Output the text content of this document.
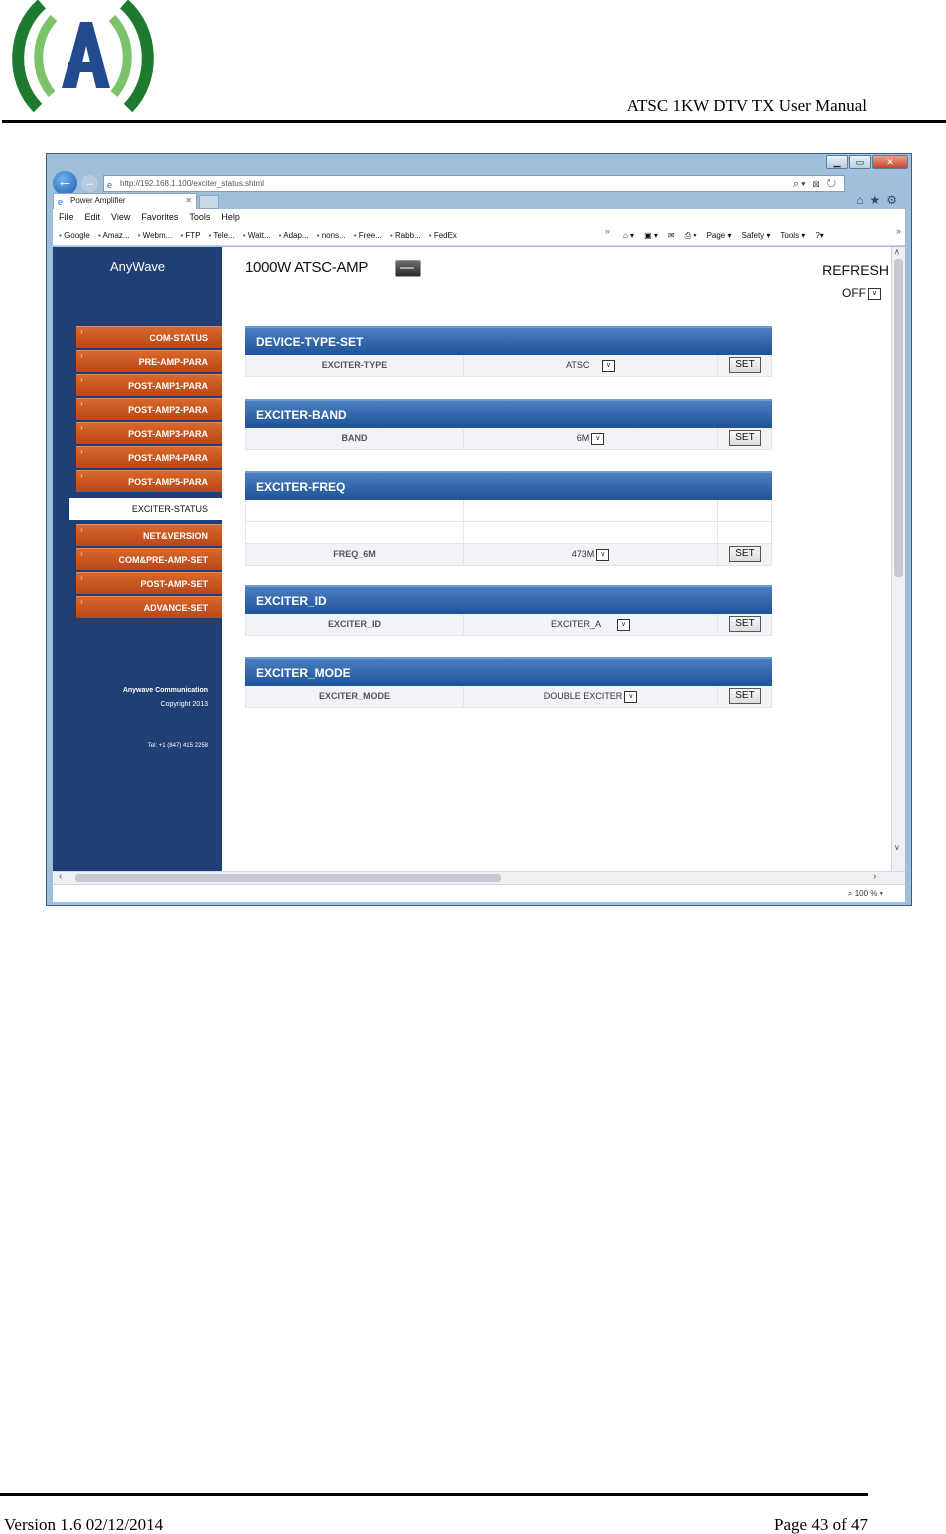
ATSC 1KW DTV TX User Manual
▁	▭	✕
←	→	e http://192.168.1.100/exciter_status.shtml	⌕▾ ⊠ ↻
⌂ ★ ⚙
e Power Amplifier	✕
File Edit View Favorites Tools Help
▪ Google	▪ Amaz...	▪ Webm...	▪ FTP	▪ Tele...	▪ Watt...	▪ Adap...	▪ nons...	▪ Free...	▪ Rabb...	▪ FedEx	» ⌂ ▾ ▣ ▾ ✉ ⎙ ▾ Page ▾ Safety ▾ Tools ▾ ?▾	»
AnyWave
› COM-STATUS
› PRE-AMP-PARA
› POST-AMP1-PARA
› POST-AMP2-PARA
› POST-AMP3-PARA
› POST-AMP4-PARA
› POST-AMP5-PARA
EXCITER-STATUS
› NET&VERSION
› COM&PRE-AMP-SET
› POST-AMP-SET
› ADVANCE-SET
Anywave Communication
Copyright 2013
Tel: +1 (847) 415 2258
1000W ATSC-AMP	REFRESH
OFF ∨
DEVICE-TYPE-SET
EXCITER-TYPE	ATSC ∨	SET
EXCITER-BAND
BAND	6M ∨	SET
EXCITER-FREQ
FREQ_6M	473M ∨	SET
EXCITER_ID
EXCITER_ID	EXCITER_A	∨	SET
EXCITER_MODE
EXCITER_MODE	DOUBLE EXCITER ∨	SET
∧
∨
‹	›
⌕ 100 % ▾
Version 1.6 02/12/2014	Page 43 of 47
